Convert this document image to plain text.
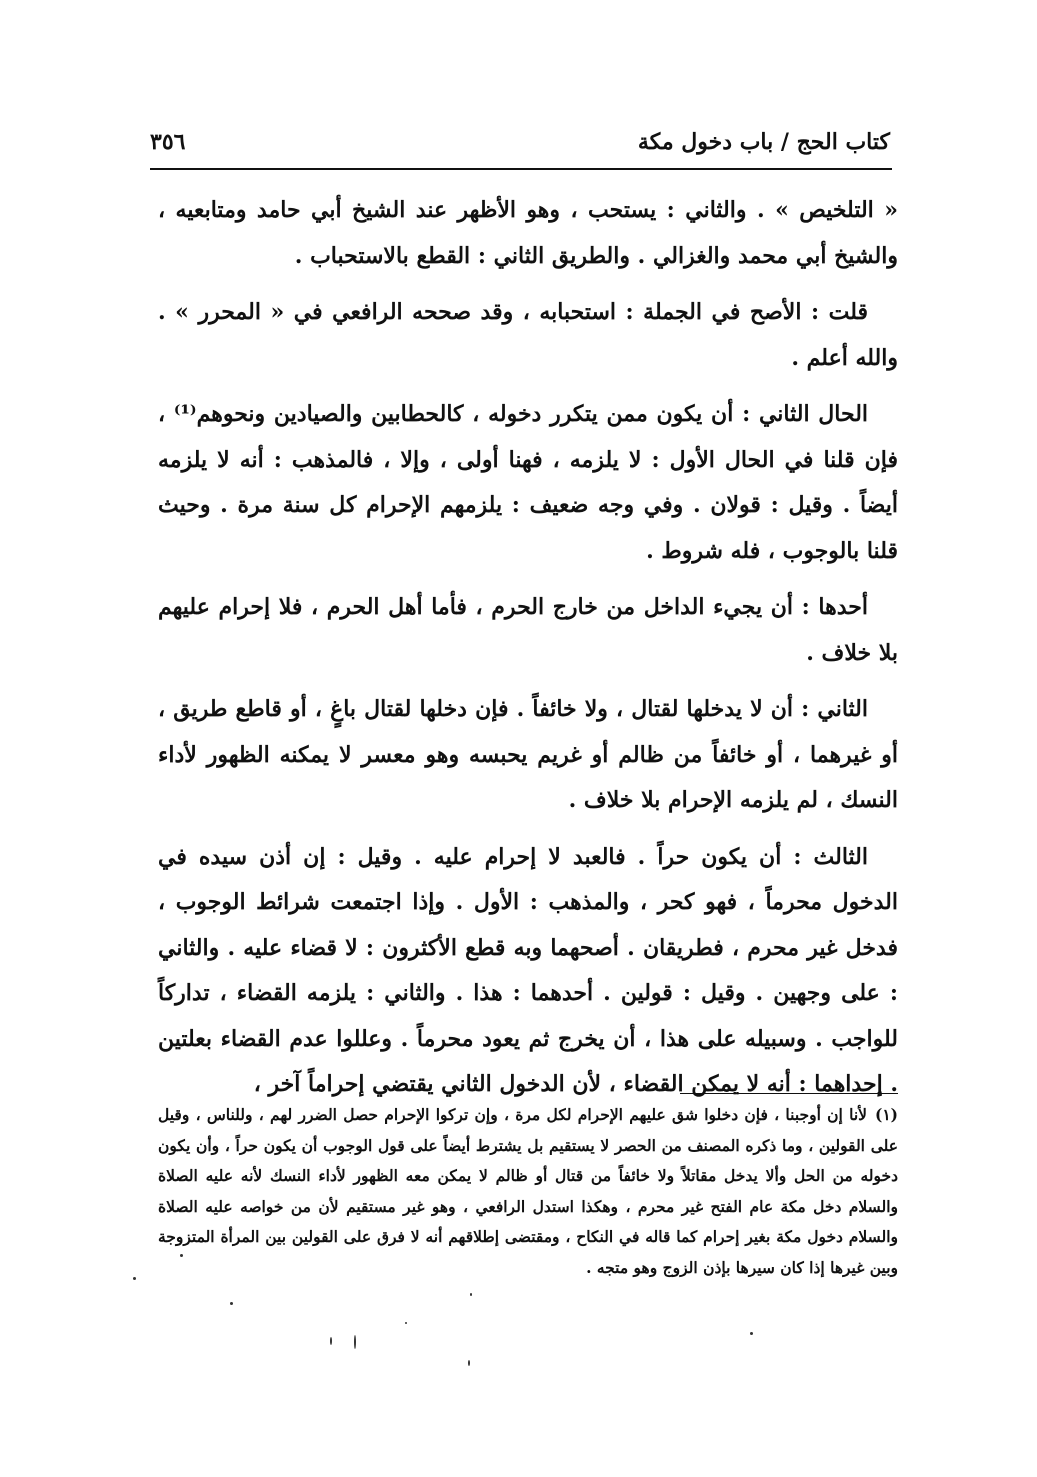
كتاب الحج / باب دخول مكة
٣٥٦

« التلخيص » . والثاني : يستحب ، وهو الأظهر عند الشيخ أبي حامد ومتابعيه ، والشيخ أبي محمد والغزالي . والطريق الثاني : القطع بالاستحباب .

قلت : الأصح في الجملة : استحبابه ، وقد صححه الرافعي في « المحرر » . والله أعلم .

الحال الثاني : أن يكون ممن يتكرر دخوله ، كالحطابين والصيادين ونحوهم⁽¹⁾ ، فإن قلنا في الحال الأول : لا يلزمه ، فهنا أولى ، وإلا ، فالمذهب : أنه لا يلزمه أيضاً . وقيل : قولان . وفي وجه ضعيف : يلزمهم الإحرام كل سنة مرة . وحيث قلنا بالوجوب ، فله شروط .

أحدها : أن يجيء الداخل من خارج الحرم ، فأما أهل الحرم ، فلا إحرام عليهم بلا خلاف .

الثاني : أن لا يدخلها لقتال ، ولا خائفاً . فإن دخلها لقتال باغٍ ، أو قاطع طريق ، أو غيرهما ، أو خائفاً من ظالم أو غريم يحبسه وهو معسر لا يمكنه الظهور لأداء النسك ، لم يلزمه الإحرام بلا خلاف .

الثالث : أن يكون حراً . فالعبد لا إحرام عليه . وقيل : إن أذن سيده في الدخول محرماً ، فهو كحر ، والمذهب : الأول . وإذا اجتمعت شرائط الوجوب ، فدخل غير محرم ، فطريقان . أصحهما وبه قطع الأكثرون : لا قضاء عليه . والثاني : على وجهين . وقيل : قولين . أحدهما : هذا . والثاني : يلزمه القضاء ، تداركاً للواجب . وسبيله على هذا ، أن يخرج ثم يعود محرماً . وعللوا عدم القضاء بعلتين . إحداهما : أنه لا يمكن القضاء ، لأن الدخول الثاني يقتضي إحراماً آخر ،

(١)لأنا إن أوجبنا ، فإن دخلوا شق عليهم الإحرام لكل مرة ، وإن تركوا الإحرام حصل الضرر لهم ، وللناس ، وقيل على القولين ، وما ذكره المصنف من الحصر لا يستقيم بل يشترط أيضاً على قول الوجوب أن يكون حراً ، وأن يكون دخوله من الحل وألا يدخل مقاتلاً ولا خائفاً من قتال أو ظالم لا يمكن معه الظهور لأداء النسك لأنه عليه الصلاة والسلام دخل مكة عام الفتح غير محرم ، وهكذا استدل الرافعي ، وهو غير مستقيم لأن من خواصه عليه الصلاة والسلام دخول مكة بغير إحرام كما قاله في النكاح ، ومقتضى إطلاقهم أنه لا فرق على القولين بين المرأة المتزوجة وبين غيرها إذا كان سيرها بإذن الزوج وهو متجه .
